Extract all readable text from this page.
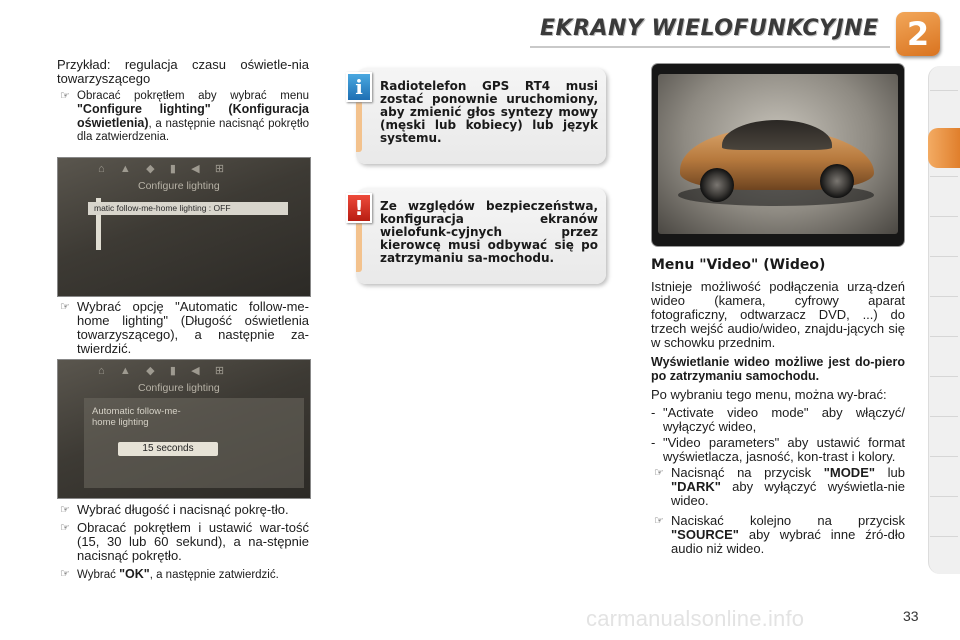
EKRANY WIELOFUNKCYJNE 2

Przykład: regulacja czasu oświetle-nia towarzyszącego

☞ Obracać pokrętłem aby wybrać menu "Configure lighting" (Konfiguracja oświetlenia), a następnie nacisnąć pokrętło dla zatwierdzenia.

⌂     ▲     ◆     ▮     ◀     ⊞
Configure lighting
matic follow-me-home lighting : OFF

☞ Wybrać opcję "Automatic follow-me-home lighting" (Długość oświetlenia towarzyszącego), a następnie za-twierdzić.

⌂     ▲     ◆     ▮     ◀     ⊞
Configure lighting
Automatic follow-me-home lighting
15 seconds

☞ Wybrać długość i nacisnąć pokrę-tło.

☞ Obracać pokrętłem i ustawić war-tość (15, 30 lub 60 sekund), a na-stępnie nacisnąć pokrętło.

☞ Wybrać "OK", a następnie zatwierdzić.

Radiotelefon GPS RT4 musi zostać ponownie uruchomiony, aby zmienić głos syntezy mowy (męski lub kobiecy) lub język systemu.
i
Ze względów bezpieczeństwa, konfiguracja ekranów wielofunk-cyjnych przez kierowcę musi odbywać się po zatrzymaniu sa-mochodu.
!
Menu "Video" (Wideo)

Istnieje możliwość podłączenia urzą-dzeń wideo (kamera, cyfrowy aparat fotograficzny, odtwarzacz DVD, ...) do trzech wejść audio/wideo, znajdu-jących się w schowku przednim.

Wyświetlanie wideo możliwe jest do-piero po zatrzymaniu samochodu.

Po wybraniu tego menu, można wy-brać:

- "Activate video mode" aby włączyć/ wyłączyć wideo,

- "Video parameters" aby ustawić format wyświetlacza, jasność, kon-trast i kolory.

☞ Nacisnąć na przycisk "MODE" lub "DARK" aby wyłączyć wyświetla-nie wideo.

☞ Naciskać kolejno na przycisk "SOURCE" aby wybrać inne źró-dło audio niż wideo.

carmanualsonline.info	33
